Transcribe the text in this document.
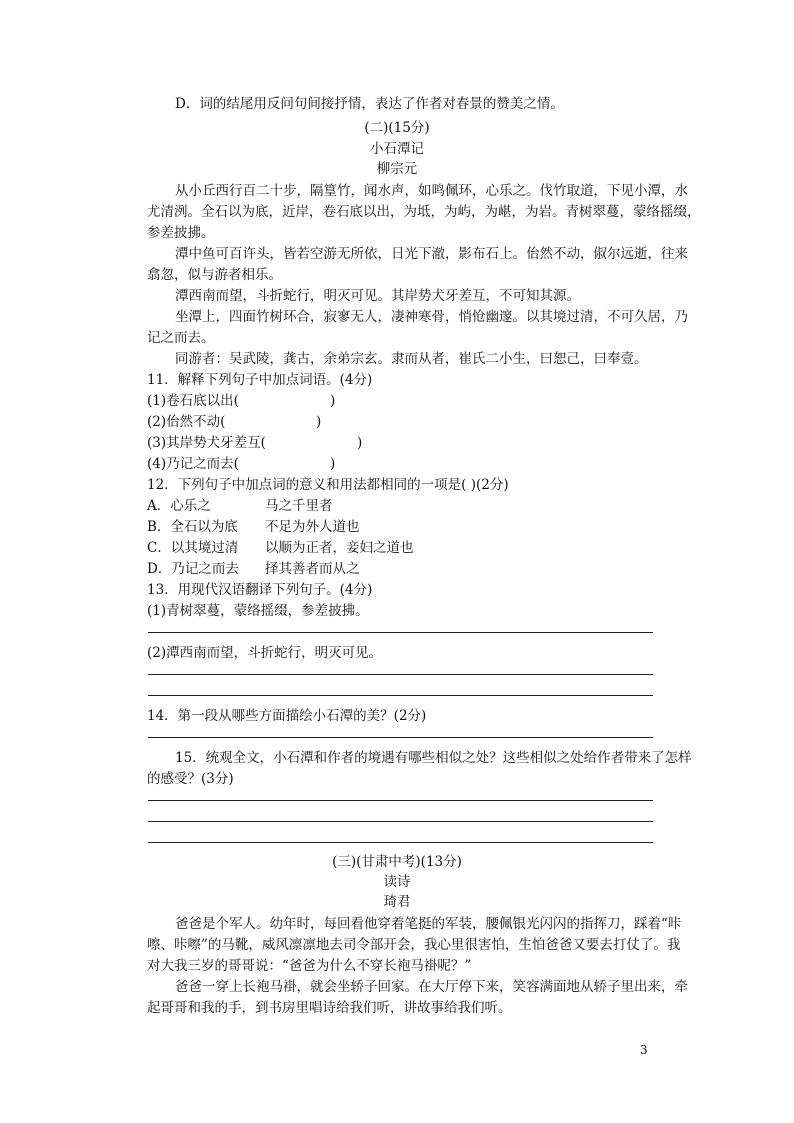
D．词的结尾用反问句间接抒情，表达了作者对春景的赞美之情。
(二)(15分)
小石潭记
柳宗元
从小丘西行百二十步，隔篁竹，闻水声，如鸣佩环，心乐之。伐竹取道，下见小潭，水
尤清洌。全石以为底，近岸，卷石底以出，为坻，为屿，为嵁，为岩。青树翠蔓，蒙络摇缀，
参差披拂。
潭中鱼可百许头，皆若空游无所依，日光下澈，影布石上。佁然不动，俶尔远逝，往来
翕忽，似与游者相乐。
潭西南而望，斗折蛇行，明灭可见。其岸势犬牙差互，不可知其源。
坐潭上，四面竹树环合，寂寥无人，凄神寒骨，悄怆幽邃。以其境过清，不可久居，乃
记之而去。
同游者：吴武陵，龚古，余弟宗玄。隶而从者，崔氏二小生，曰恕己，曰奉壹。
11．解释下列句子中加点词语。(4分)
(1)卷石底以出(	)
(2)佁然不动(	)
(3)其岸势犬牙差互(	)
(4)乃记之而去(	)
12．下列句子中加点词的意义和用法都相同的一项是( )(2分)
A．心乐之	马之千里者
B．全石以为底 不足为外人道也
C．以其境过清 以顺为正者，妾妇之道也
D．乃记之而去 择其善者而从之
13．用现代汉语翻译下列句子。(4分)
(1)青树翠蔓，蒙络摇缀，参差披拂。
(2)潭西南而望，斗折蛇行，明灭可见。
14．第一段从哪些方面描绘小石潭的美？(2分)
15．统观全文，小石潭和作者的境遇有哪些相似之处？这些相似之处给作者带来了怎样
的感受？(3分)
(三)(甘肃中考)(13分)
读诗
琦君
爸爸是个军人。幼年时，每回看他穿着笔挺的军装，腰佩银光闪闪的指挥刀，踩着“咔
嚓、咔嚓”的马靴，威风凛凛地去司令部开会，我心里很害怕，生怕爸爸又要去打仗了。我
对大我三岁的哥哥说：“爸爸为什么不穿长袍马褂呢？”
爸爸一穿上长袍马褂，就会坐轿子回家。在大厅停下来，笑容满面地从轿子里出来，牵
起哥哥和我的手，到书房里唱诗给我们听，讲故事给我们听。
3
